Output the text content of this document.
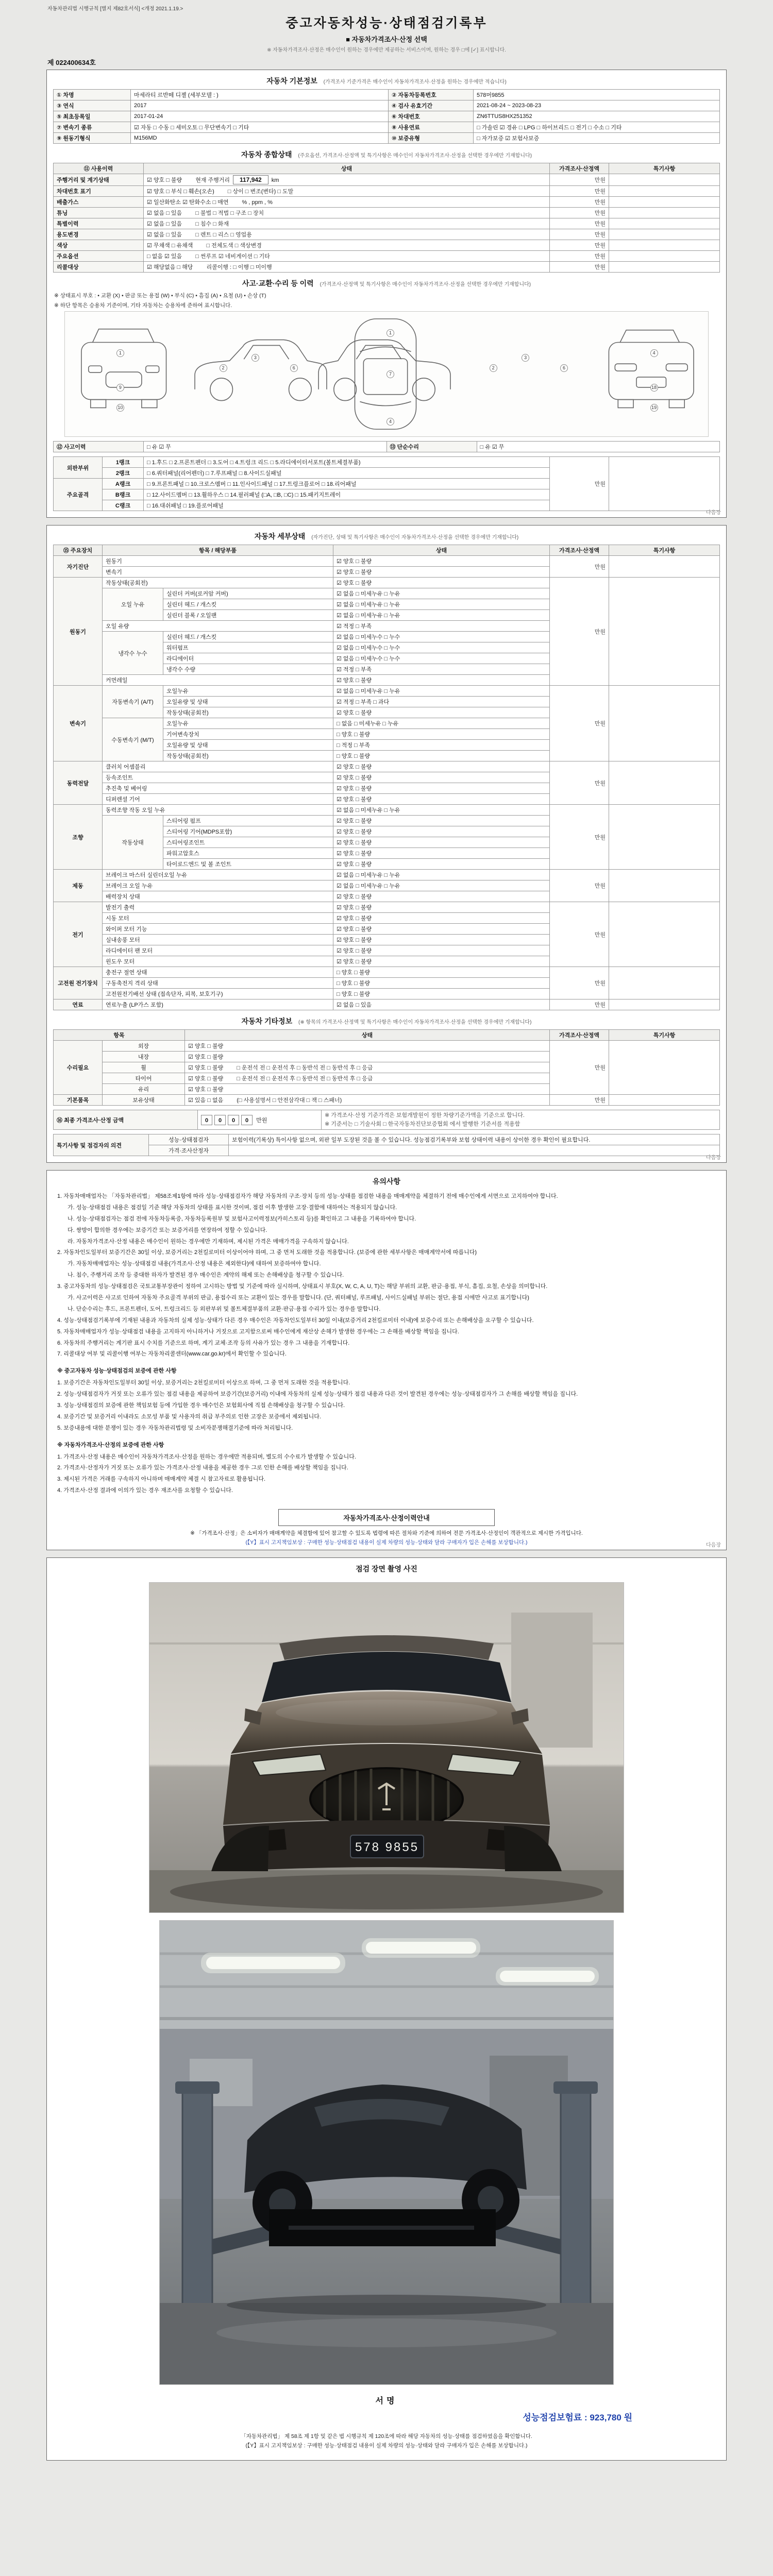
자동차관리법 시행규칙 [별지 제82호서식] <개정 2021.1.19.>
중고자동차성능·상태점검기록부
■ 자동차가격조사·산정 선택
※ 자동차가격조사·산정은 매수인이 원하는 경우에만 제공하는 서비스이며, 원하는 경우 □에 [✓] 표시합니다.
제 022400634호
자동차 기본정보 (가격조사 기준가격은 매수인이 자동차가격조사·산정을 원하는 경우에만 적습니다)
① 차명	마세라티 르반떼 디젤 (세부모델 : )	② 자동차등록번호	578머9855
③ 연식	2017	④ 검사 유효기간	2021-08-24 ~ 2023-08-23
⑤ 최초등록일	2017-01-24	⑥ 차대번호	ZN6TTUS8HX251352
⑦ 변속기 종류	☑ 자동 □ 수동 □ 세미오토 □ 무단변속기 □ 기타	⑧ 사용연료	□ 가솔린 ☑ 경유 □ LPG □ 하이브리드 □ 전기 □ 수소 □ 기타
⑨ 원동기형식	M156MD	⑩ 보증유형	□ 자가보증 ☑ 보험사보증
자동차 종합상태 (주요옵션, 가격조사·산정액 및 특기사항은 매수인이 자동차가격조사·산정을 선택한 경우에만 기재합니다)
⑪ 사용이력	상태	가격조사·산정액	특기사항
주행거리 및 계기상태	☑ 양호 □ 불량 현재 주행거리 117,942 km	만원	
차대번호 표기	☑ 양호 □ 부식 □ 훼손(오손) □ 상이 □ 변조(변타) □ 도말	만원	
배출가스	☑ 일산화탄소 ☑ 탄화수소 □ 매연 % , ppm , %	만원	
튜닝	☑ 없음 □ 있음 □ 불법 □ 적법 □ 구조 □ 장치	만원	
특별이력	☑ 없음 □ 있음 □ 침수 □ 화재	만원	
용도변경	☑ 없음 □ 있음 □ 렌트 □ 리스 □ 영업용	만원	
색상	☑ 무채색 □ 유채색 □ 전체도색 □ 색상변경	만원	
주요옵션	□ 없음 ☑ 있음 □ 썬루프 ☑ 네비게이션 □ 기타	만원	
리콜대상	☑ 해당없음 □ 해당 리콜이행 : □ 이행 □ 미이행	만원	
사고·교환·수리 등 이력 (가격조사·산정액 및 특기사항은 매수인이 자동차가격조사·산정을 선택한 경우에만 기재합니다)
※ 상태표시 부호 : • 교환 (X) • 판금 또는 용접 (W) • 부식 (C) • 흠집 (A) • 요철 (U) • 손상 (T)
※ 하단 항목은 승용차 기준이며, 기타 자동차는 승용차에 준하여 표시합니다.
1
9
10
2
3
6
1
7
4
2
3
6
4
18
19
⑫ 사고이력	□ 유 ☑ 무	⑬ 단순수리	□ 유 ☑ 무
외판부위	1랭크	□ 1.후드 □ 2.프론트펜더 □ 3.도어 □ 4.트렁크 리드 □ 5.라디에이터서포트(볼트체결부품)	만원	
	2랭크	□ 6.쿼터패널(리어펜더) □ 7.루프패널 □ 8.사이드실패널		
주요골격	A랭크	□ 9.프론트패널 □ 10.크로스멤버 □ 11.인사이드패널 □ 17.트렁크플로어 □ 18.리어패널		
	B랭크	□ 12.사이드멤버 □ 13.휠하우스 □ 14.필러패널 (□A, □B, □C) □ 15.패키지트레이		
	C랭크	□ 16.대쉬패널 □ 19.플로어패널		
다음장
자동차 세부상태 (자가진단, 상태 및 특기사항은 매수인이 자동차가격조사·산정을 선택한 경우에만 기재합니다)
⑮ 주요장치	항목 / 해당부품		상태	가격조사·산정액	특기사항
자기진단	원동기		☑ 양호 □ 불량	만원	
	변속기		☑ 양호 □ 불량		
원동기	작동상태(공회전)		☑ 양호 □ 불량	만원	
	오일 누유	실린더 커버(로커암 커버)	☑ 없음 □ 미세누유 □ 누유		
		실린더 헤드 / 개스킷	☑ 없음 □ 미세누유 □ 누유		
		실린더 블록 / 오일팬	☑ 없음 □ 미세누유 □ 누유		
	오일 유량		☑ 적정 □ 부족		
	냉각수 누수	실린더 헤드 / 개스킷	☑ 없음 □ 미세누수 □ 누수		
		워터펌프	☑ 없음 □ 미세누수 □ 누수		
		라디에이터	☑ 없음 □ 미세누수 □ 누수		
		냉각수 수량	☑ 적정 □ 부족		
	커먼레일		☑ 양호 □ 불량		
변속기	자동변속기 (A/T)	오일누유	☑ 없음 □ 미세누유 □ 누유	만원	
		오일유량 및 상태	☑ 적정 □ 부족 □ 과다		
		작동상태(공회전)	☑ 양호 □ 불량		
	수동변속기 (M/T)	오일누유	□ 없음 □ 미세누유 □ 누유		
		기어변속장치	□ 양호 □ 불량		
		오일유량 및 상태	□ 적정 □ 부족		
		작동상태(공회전)	□ 양호 □ 불량		
동력전달	클러치 어셈블리		☑ 양호 □ 불량	만원	
	등속조인트		☑ 양호 □ 불량		
	추진축 및 베어링		☑ 양호 □ 불량		
	디퍼렌셜 기어		☑ 양호 □ 불량		
조향	동력조향 작동 오일 누유		☑ 없음 □ 미세누유 □ 누유	만원	
	작동상태	스티어링 펌프	☑ 양호 □ 불량		
		스티어링 기어(MDPS포함)	☑ 양호 □ 불량		
		스티어링조인트	☑ 양호 □ 불량		
		파워고압호스	☑ 양호 □ 불량		
		타이로드엔드 및 볼 조인트	☑ 양호 □ 불량		
제동	브레이크 마스터 실린더오일 누유		☑ 없음 □ 미세누유 □ 누유	만원	
	브레이크 오일 누유		☑ 없음 □ 미세누유 □ 누유		
	배력장치 상태		☑ 양호 □ 불량		
전기	발전기 출력		☑ 양호 □ 불량	만원	
	시동 모터		☑ 양호 □ 불량		
	와이퍼 모터 기능		☑ 양호 □ 불량		
	실내송풍 모터		☑ 양호 □ 불량		
	라디에이터 팬 모터		☑ 양호 □ 불량		
	윈도우 모터		☑ 양호 □ 불량		
고전원 전기장치	충전구 절연 상태		□ 양호 □ 불량	만원	
	구동축전지 격리 상태		□ 양호 □ 불량		
	고전원전기배선 상태 (접속단자, 피복, 보호기구)		□ 양호 □ 불량		
연료	연료누출 (LP가스 포함)		☑ 없음 □ 있음	만원	
자동차 기타정보 (※ 항목의 가격조사·산정액 및 특기사항은 매수인이 자동차가격조사·산정을 선택한 경우에만 기재합니다)
항목		상태	가격조사·산정액	특기사항
수리필요	외장	☑ 양호 □ 불량	만원	
	내장	☑ 양호 □ 불량		
	휠	☑ 양호 □ 불량 □ 운전석 전 □ 운전석 후 □ 동반석 전 □ 동반석 후 □ 응급		
	타이어	☑ 양호 □ 불량 □ 운전석 전 □ 운전석 후 □ 동반석 전 □ 동반석 후 □ 응급		
	유리	☑ 양호 □ 불량		
기본품목	보유상태	☑ 있음 □ 없음 (□ 사용설명서 □ 안전삼각대 □ 잭 □ 스패너)	만원	
⑯ 최종 가격조사·산정 금액	0 0 0 0 만원	
※ 가격조사·산정 기준가격은 보험개발원이 정한 차량기준가액을 기준으로 합니다.
※ 기준서는 □ 기술사회 □ 한국자동차진단보증협회 에서 발행한 기준서를 적용함
특기사항 및 점검자의 의견	성능·상태점검자	보험이력(기록상) 특이사항 없으며, 외판 일부 도장된 것을 볼 수 있습니다. 성능점검기록부와 보험 상태이력 내용이 상이한 경우 확인이 필요합니다.
	가격·조사산정자	
다음장
유의사항
1. 자동차매매업자는 「자동차관리법」 제58조제1항에 따라 성능·상태점검자가 해당 자동차의 구조·장치 등의 성능·상태를 점검한 내용을 매매계약을 체결하기 전에 매수인에게 서면으로 고지하여야 합니다.
가. 성능·상태점검 내용은 점검일 기준 해당 자동차의 상태를 표시한 것이며, 점검 이후 발생한 고장·결함에 대하여는 적용되지 않습니다.
나. 성능·상태점검자는 점검 전에 자동차등록증, 자동차등록원부 및 보험사고이력정보(카히스토리 등)를 확인하고 그 내용을 기록하여야 합니다.
다. 쌍방이 합의한 경우에는 보증기간 또는 보증거리를 연장하여 정할 수 있습니다.
라. 자동차가격조사·산정 내용은 매수인이 원하는 경우에만 기재하며, 제시된 가격은 매매가격을 구속하지 않습니다.
2. 자동차인도일부터 보증기간은 30일 이상, 보증거리는 2천킬로미터 이상이어야 하며, 그 중 먼저 도래한 것을 적용합니다. (보증에 관한 세부사항은 매매계약서에 따릅니다)
가. 자동차매매업자는 성능·상태점검 내용(가격조사·산정 내용은 제외한다)에 대하여 보증하여야 합니다.
나. 침수, 주행거리 조작 등 중대한 하자가 발견된 경우 매수인은 계약의 해제 또는 손해배상을 청구할 수 있습니다.
3. 중고자동차의 성능·상태점검은 국토교통부장관이 정하여 고시하는 방법 및 기준에 따라 실시하며, 상태표시 부호(X, W, C, A, U, T)는 해당 부위의 교환, 판금·용접, 부식, 흠집, 요철, 손상을 의미합니다.
가. 사고이력은 사고로 인하여 자동차 주요골격 부위의 판금, 용접수리 또는 교환이 있는 경우를 말합니다. (단, 쿼터패널, 루프패널, 사이드실패널 부위는 절단, 용접 시에만 사고로 표기합니다)
나. 단순수리는 후드, 프론트펜더, 도어, 트렁크리드 등 외판부위 및 볼트체결부품의 교환·판금·용접 수리가 있는 경우를 말합니다.
4. 성능·상태점검기록부에 기재된 내용과 자동차의 실제 성능·상태가 다른 경우 매수인은 자동차인도일부터 30일 이내(보증거리 2천킬로미터 이내)에 보증수리 또는 손해배상을 요구할 수 있습니다.
5. 자동차매매업자가 성능·상태점검 내용을 고지하지 아니하거나 거짓으로 고지함으로써 매수인에게 재산상 손해가 발생한 경우에는 그 손해를 배상할 책임을 집니다.
6. 자동차의 주행거리는 계기판 표시 수치를 기준으로 하며, 계기 교체·조작 등의 사유가 있는 경우 그 내용을 기재합니다.
7. 리콜대상 여부 및 리콜이행 여부는 자동차리콜센터(www.car.go.kr)에서 확인할 수 있습니다.
※ 중고자동차 성능·상태점검의 보증에 관한 사항
1. 보증기간은 자동차인도일부터 30일 이상, 보증거리는 2천킬로미터 이상으로 하며, 그 중 먼저 도래한 것을 적용합니다.
2. 성능·상태점검자가 거짓 또는 오류가 있는 점검 내용을 제공하여 보증기간(보증거리) 이내에 자동차의 실제 성능·상태가 점검 내용과 다른 것이 발견된 경우에는 성능·상태점검자가 그 손해를 배상할 책임을 집니다.
3. 성능·상태점검의 보증에 관한 책임보험 등에 가입한 경우 매수인은 보험회사에 직접 손해배상을 청구할 수 있습니다.
4. 보증기간 및 보증거리 이내라도 소모성 부품 및 사용자의 취급 부주의로 인한 고장은 보증에서 제외됩니다.
5. 보증내용에 대한 분쟁이 있는 경우 자동차관리법령 및 소비자분쟁해결기준에 따라 처리됩니다.
※ 자동차가격조사·산정의 보증에 관한 사항
1. 가격조사·산정 내용은 매수인이 자동차가격조사·산정을 원하는 경우에만 적용되며, 별도의 수수료가 발생할 수 있습니다.
2. 가격조사·산정자가 거짓 또는 오류가 있는 가격조사·산정 내용을 제공한 경우 그로 인한 손해를 배상할 책임을 집니다.
3. 제시된 가격은 거래를 구속하지 아니하며 매매계약 체결 시 참고자료로 활용됩니다.
4. 가격조사·산정 결과에 이의가 있는 경우 재조사를 요청할 수 있습니다.
자동차가격조사·산정이력안내
※ 「가격조사·산정」은 소비자가 매매계약을 체결함에 있어 참고할 수 있도록 법령에 따른 절차와 기준에 의하여 전문 가격조사·산정인이 객관적으로 제시한 가격입니다.
(【Y】표시 고지책임보상 : 구매한 성능·상태점검 내용이 실제 차량의 성능·상태와 달라 구매자가 입은 손해를 보상합니다.)	다음장
점검 장면 촬영 사진
578 9855
서명
성능점검보험료 : 923,780 원
「자동차관리법」 제 58조 제 1항 및 같은 법 시행규칙 제 120조에 따라 해당 자동차의 성능·상태를 점검하였음을 확인합니다.
(【Y】표시 고지책임보상 : 구매한 성능·상태점검 내용이 실제 차량의 성능·상태와 달라 구매자가 입은 손해를 보상합니다.)
